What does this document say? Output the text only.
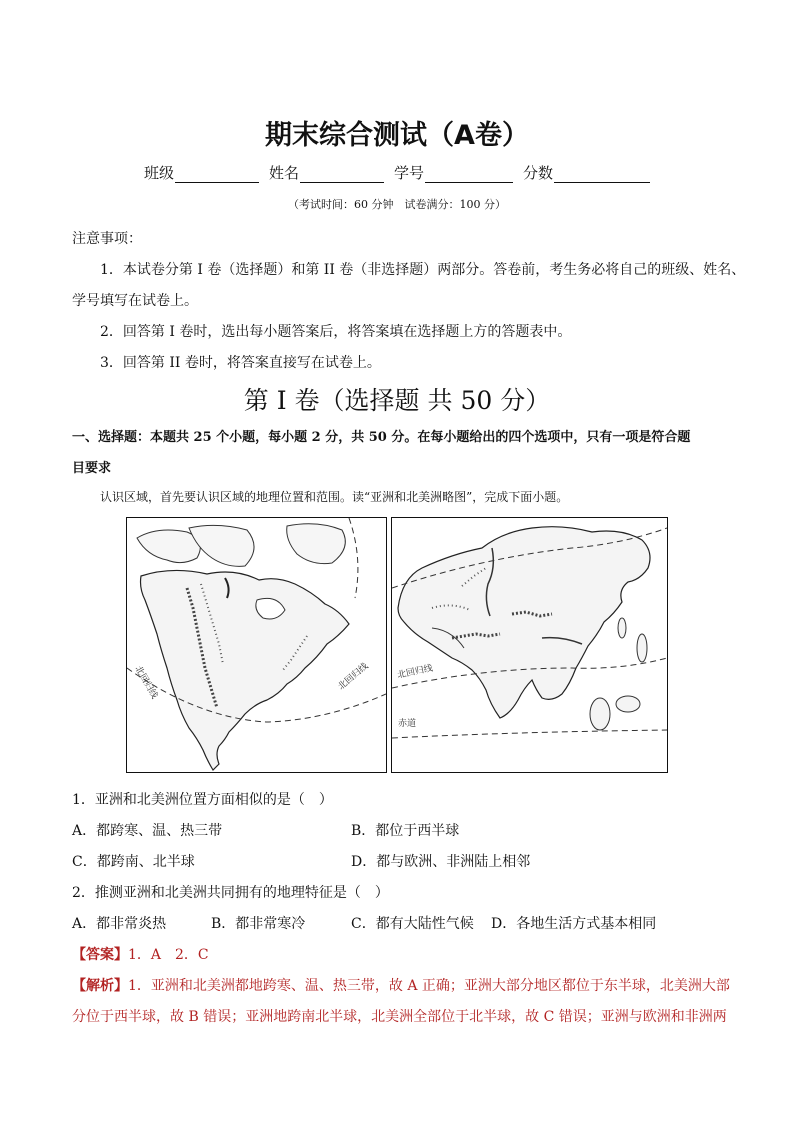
期末综合测试（A卷）
班级	姓名	学号	分数
（考试时间：60 分钟　试卷满分：100 分）
注意事项：
1．本试卷分第 I 卷（选择题）和第 II 卷（非选择题）两部分。答卷前，考生务必将自己的班级、姓名、
学号填写在试卷上。
2．回答第 I 卷时，选出每小题答案后，将答案填在选择题上方的答题表中。
3．回答第 II 卷时，将答案直接写在试卷上。
第 I 卷（选择题 共 50 分）
一、选择题：本题共 25 个小题，每小题 2 分，共 50 分。在每小题给出的四个选项中，只有一项是符合题
目要求
认识区域，首先要认识区域的地理位置和范围。读“亚洲和北美洲略图”，完成下面小题。
北回归线	北回归线	北回归线
赤道
1．亚洲和北美洲位置方面相似的是（　）
A．都跨寒、温、热三带	B．都位于西半球
C．都跨南、北半球	D．都与欧洲、非洲陆上相邻
2．推测亚洲和北美洲共同拥有的地理特征是（　）
A．都非常炎热	B．都非常寒冷	C．都有大陆性气候 D．各地生活方式基本相同
【答案】1．A　2．C
【解析】1．亚洲和北美洲都地跨寒、温、热三带，故 A 正确；亚洲大部分地区都位于东半球，北美洲大部
分位于西半球，故 B 错误；亚洲地跨南北半球，北美洲全部位于北半球，故 C 错误；亚洲与欧洲和非洲两
